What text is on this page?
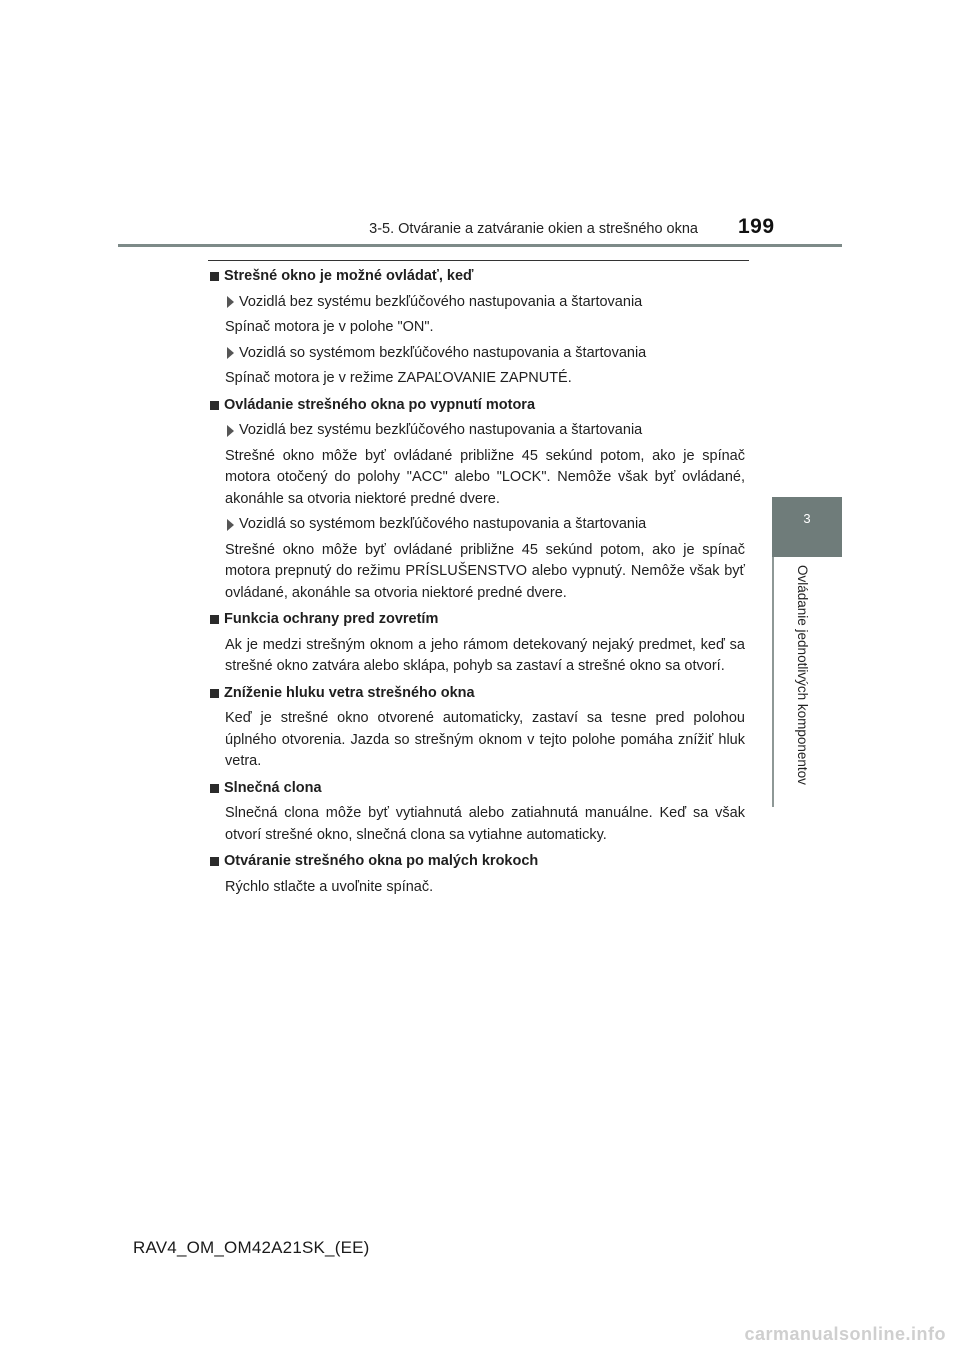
3-5. Otváranie a zatváranie okien a strešného okna 199
3
Ovládanie jednotlivých komponentov
Strešné okno je možné ovládať, keď
Vozidlá bez systému bezkľúčového nastupovania a štartovania
Spínač motora je v polohe "ON".
Vozidlá so systémom bezkľúčového nastupovania a štartovania
Spínač motora je v režime ZAPAĽOVANIE ZAPNUTÉ.
Ovládanie strešného okna po vypnutí motora
Vozidlá bez systému bezkľúčového nastupovania a štartovania
Strešné okno môže byť ovládané približne 45 sekúnd potom, ako je spínač motora otočený do polohy "ACC" alebo "LOCK". Nemôže však byť ovládané, akonáhle sa otvoria niektoré predné dvere.
Vozidlá so systémom bezkľúčového nastupovania a štartovania
Strešné okno môže byť ovládané približne 45 sekúnd potom, ako je spínač motora prepnutý do režimu PRÍSLUŠENSTVO alebo vypnutý. Nemôže však byť ovládané, akonáhle sa otvoria niektoré predné dvere.
Funkcia ochrany pred zovretím
Ak je medzi strešným oknom a jeho rámom detekovaný nejaký predmet, keď sa strešné okno zatvára alebo sklápa, pohyb sa zastaví a strešné okno sa otvorí.
Zníženie hluku vetra strešného okna
Keď je strešné okno otvorené automaticky, zastaví sa tesne pred polohou úplného otvorenia. Jazda so strešným oknom v tejto polohe pomáha znížiť hluk vetra.
Slnečná clona
Slnečná clona môže byť vytiahnutá alebo zatiahnutá manuálne. Keď sa však otvorí strešné okno, slnečná clona sa vytiahne automaticky.
Otváranie strešného okna po malých krokoch
Rýchlo stlačte a uvoľnite spínač.
RAV4_OM_OM42A21SK_(EE)
carmanualsonline.info
